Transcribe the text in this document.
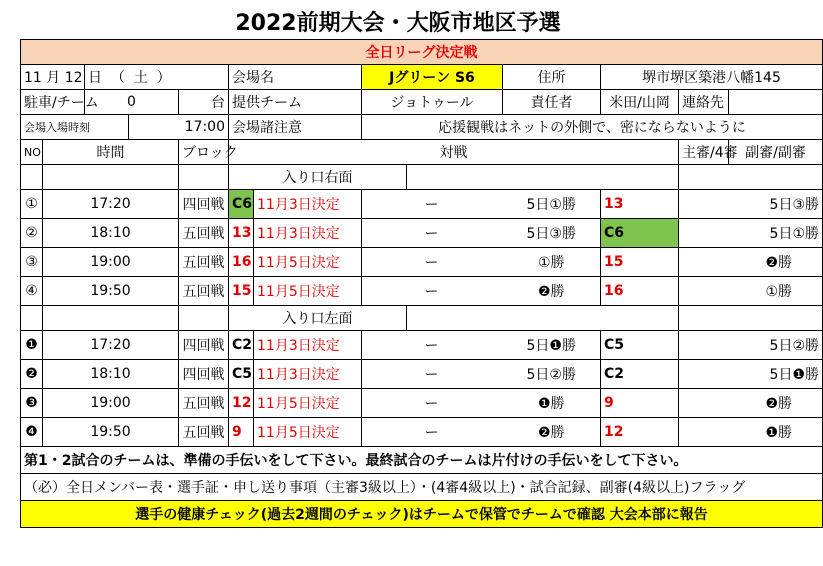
2022前期大会・大阪市地区予選
全日リーグ決定戦													
11 月 12		日 （ 土 ）			会場名		Jグリーン S6			住所	堺市堺区築港八幡145		
駐車/チーム		0		台	提供チーム		ジョトゥール			責任者	米田/山岡	連絡先	
会場入場時刻			17:00		会場諸注意		応援観戦はネットの外側で、密にならないように						
NO	時間			ブロック	対戦							主審/4審	副審/副審
					入り口右面								
①	17:20			四回戦	C6	11月3日決定		ー		5日①勝	13	5日③勝	
②	18:10			五回戦	13	11月3日決定		ー		5日③勝	C6	5日①勝	
③	19:00			五回戦	16	11月5日決定		ー		①勝	15	❷勝	
④	19:50			五回戦	15	11月5日決定		ー		❷勝	16	①勝	
					入り口左面								
❶	17:20			四回戦	C2	11月3日決定		ー		5日❶勝	C5	5日②勝	
❷	18:10			四回戦	C5	11月3日決定		ー		5日②勝	C2	5日❶勝	
❸	19:00			五回戦	12	11月5日決定		ー		❶勝	9	❷勝	
❹	19:50			五回戦	9	11月5日決定		ー		❷勝	12	❶勝	
第1・2試合のチームは、準備の手伝いをして下さい。最終試合のチームは片付けの手伝いをして下さい。													
（必）全日メンバー表・選手証・申し送り事項（主審3級以上）・(4審4級以上)・試合記録、副審(4級以上)フラッグ													
選手の健康チェック(過去2週間のチェック)はチームで保管でチームで確認 大会本部に報告													
